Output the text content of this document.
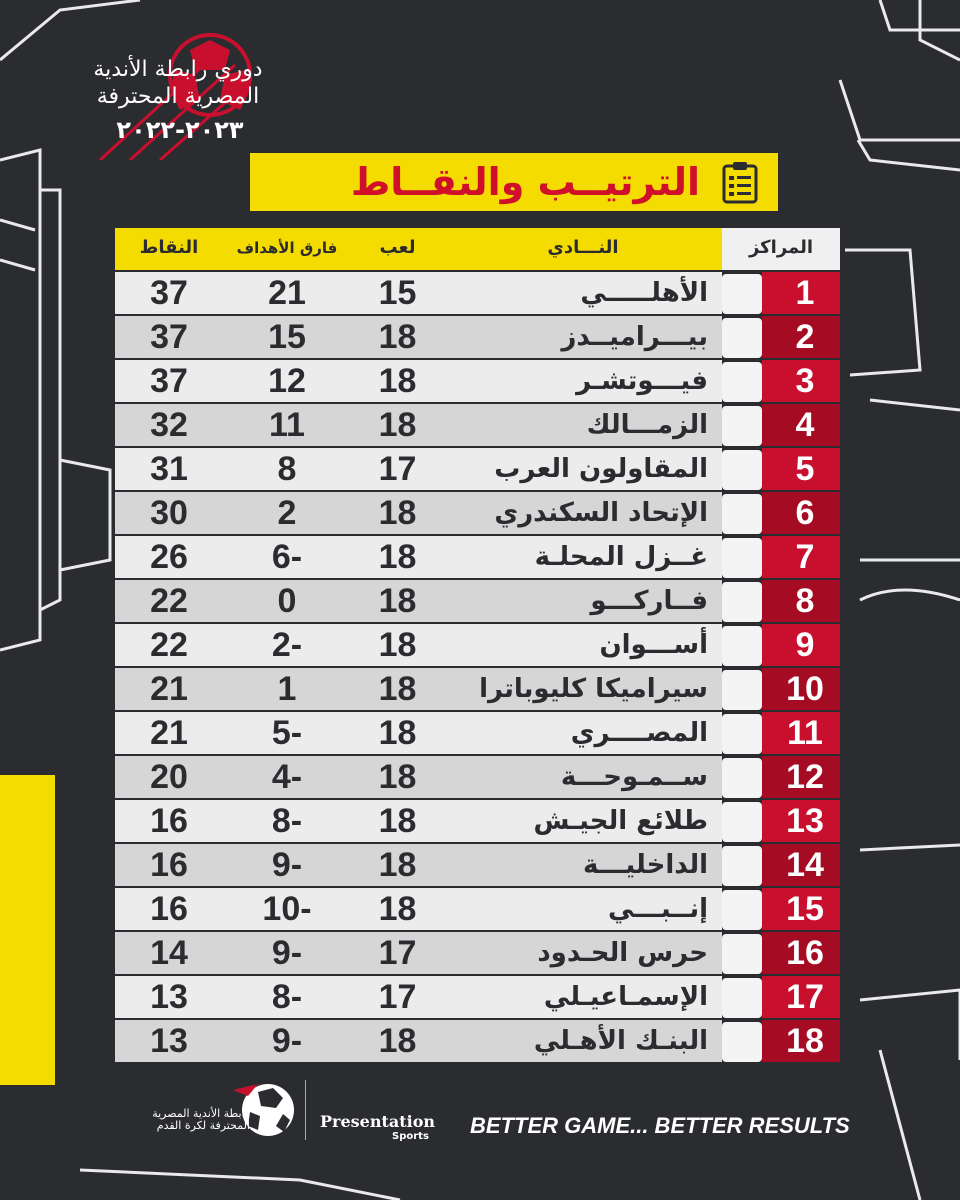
دوري رابطة الأندية
المصرية المحترفة
٢٠٢٣-٢٠٢٢
الترتيــب والنقــاط
النقاط	فارق الأهداف	لعب	النـــادي	المراكز
37	21	15	الأهلـــــي	1
37	15	18	بيـــراميــدز	2
37	12	18	فيـــوتشـر	3
32	11	18	الزمـــالك	4
31	8	17	المقاولون العرب	5
30	2	18	الإتحاد السكندري	6
26	6-	18	غــزل المحلـة	7
22	0	18	فــاركـــو	8
22	2-	18	أســـوان	9
21	1	18	سيراميكا كليوباترا	10
21	5-	18	المصــــري	11
20	4-	18	ســمـوحـــة	12
16	8-	18	طلائع الجيـش	13
16	9-	18	الداخليـــة	14
16	10-	18	إنــبـــي	15
14	9-	17	حرس الحـدود	16
13	8-	17	الإسمـاعيـلي	17
13	9-	18	البنـك الأهـلي	18
رابطة الأندية المصرية المحترفة لكرة القدم	Presentation
Sports BETTER GAME... BETTER RESULTS
